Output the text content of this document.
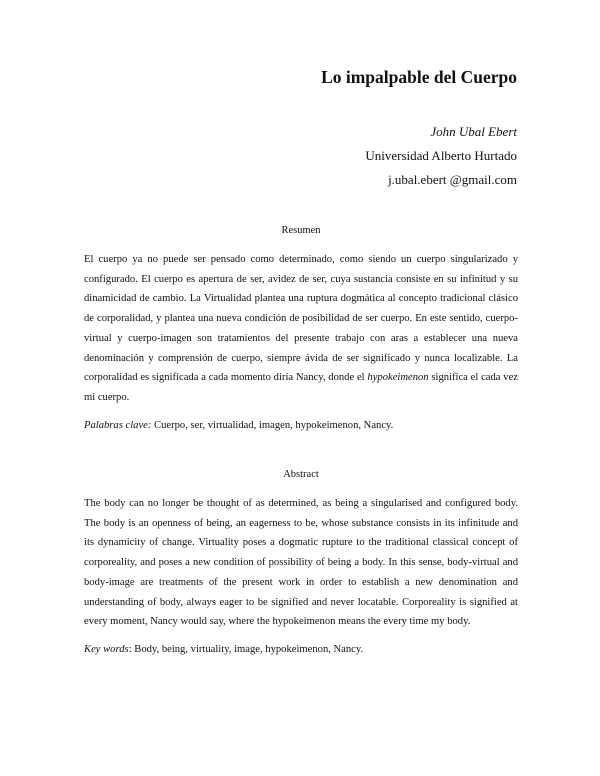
Lo impalpable del Cuerpo
John Ubal Ebert
Universidad Alberto Hurtado
j.ubal.ebert @gmail.com

Resumen

El cuerpo ya no puede ser pensado como determinado, como siendo un cuerpo singularizado y configurado. El cuerpo es apertura de ser, avidez de ser, cuya sustancia consiste en su infinitud y su dinamicidad de cambio. La Virtualidad plantea una ruptura dogmática al concepto tradicional clásico de corporalidad, y plantea una nueva condición de posibilidad de ser cuerpo. En este sentido, cuerpo-virtual y cuerpo-imagen son tratamientos del presente trabajo con aras a establecer una nueva denominación y comprensión de cuerpo, siempre ávida de ser significado y nunca localizable. La corporalidad es significada a cada momento diría Nancy, donde el hypokeimenon significa el cada vez mi cuerpo.

Palabras clave: Cuerpo, ser, virtualidad, imagen, hypokeimenon, Nancy.

Abstract

The body can no longer be thought of as determined, as being a singularised and configured body. The body is an openness of being, an eagerness to be, whose substance consists in its infinitude and its dynamicity of change. Virtuality poses a dogmatic rupture to the traditional classical concept of corporeality, and poses a new condition of possibility of being a body. In this sense, body-virtual and body-image are treatments of the present work in order to establish a new denomination and understanding of body, always eager to be signified and never locatable. Corporeality is signified at every moment, Nancy would say, where the hypokeimenon means the every time my body.

Key words: Body, being, virtuality, image, hypokeimenon, Nancy.
